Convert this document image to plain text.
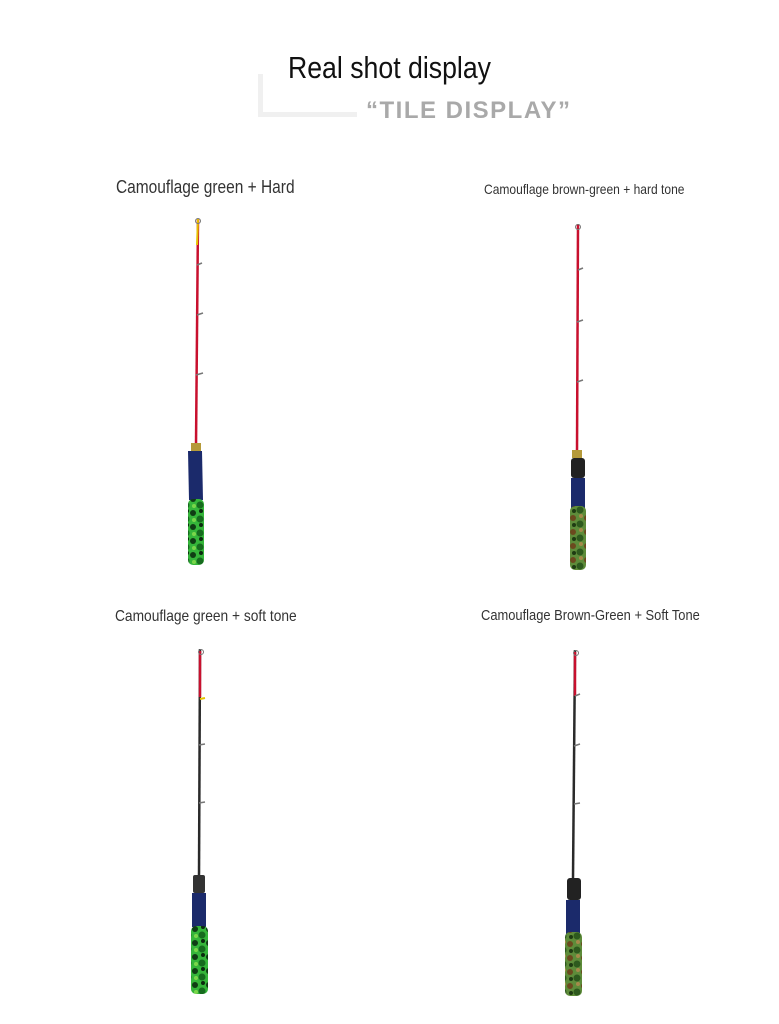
Real shot display
“TILE DISPLAY”
Camouflage green + Hard	Camouflage brown-green + hard tone
Camouflage green + soft tone	Camouflage Brown-Green + Soft Tone
